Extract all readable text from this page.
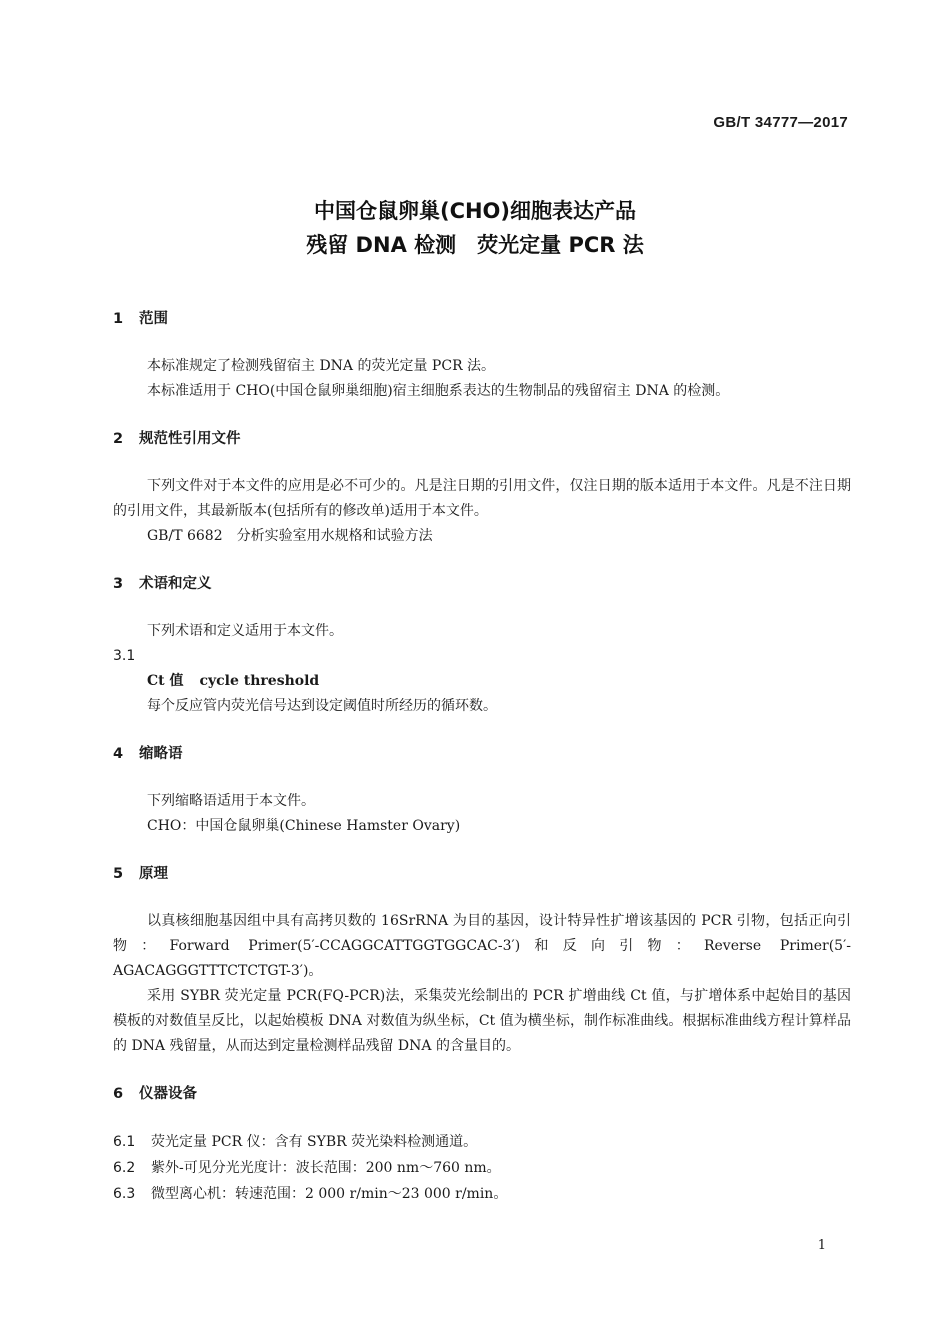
GB/T 34777—2017
中国仓鼠卵巢(CHO)细胞表达产品
残留 DNA 检测　荧光定量 PCR 法
1 范围

本标准规定了检测残留宿主 DNA 的荧光定量 PCR 法。

本标准适用于 CHO(中国仓鼠卵巢细胞)宿主细胞系表达的生物制品的残留宿主 DNA 的检测。

2 规范性引用文件

下列文件对于本文件的应用是必不可少的。凡是注日期的引用文件，仅注日期的版本适用于本文件。凡是不注日期的引用文件，其最新版本(包括所有的修改单)适用于本文件。

GB/T 6682　分析实验室用水规格和试验方法

3 术语和定义

下列术语和定义适用于本文件。

3.1

Ct 值 cycle threshold

每个反应管内荧光信号达到设定阈值时所经历的循环数。

4 缩略语

下列缩略语适用于本文件。

CHO：中国仓鼠卵巢(Chinese Hamster Ovary)

5 原理

以真核细胞基因组中具有高拷贝数的 16SrRNA 为目的基因，设计特异性扩增该基因的 PCR 引物，包括正向引物：Forward Primer(5′-CCAGGCATTGGTGGCAC-3′)和反向引物：Reverse Primer(5′-AGACAGGGTTTCTCTGT-3′)。

采用 SYBR 荧光定量 PCR(FQ-PCR)法，采集荧光绘制出的 PCR 扩增曲线 Ct 值，与扩增体系中起始目的基因模板的对数值呈反比，以起始模板 DNA 对数值为纵坐标，Ct 值为横坐标，制作标准曲线。根据标准曲线方程计算样品的 DNA 残留量，从而达到定量检测样品残留 DNA 的含量目的。

6 仪器设备

6.1 荧光定量 PCR 仪：含有 SYBR 荧光染料检测通道。

6.2 紫外-可见分光光度计：波长范围：200 nm～760 nm。

6.3 微型离心机：转速范围：2 000 r/min～23 000 r/min。

1
